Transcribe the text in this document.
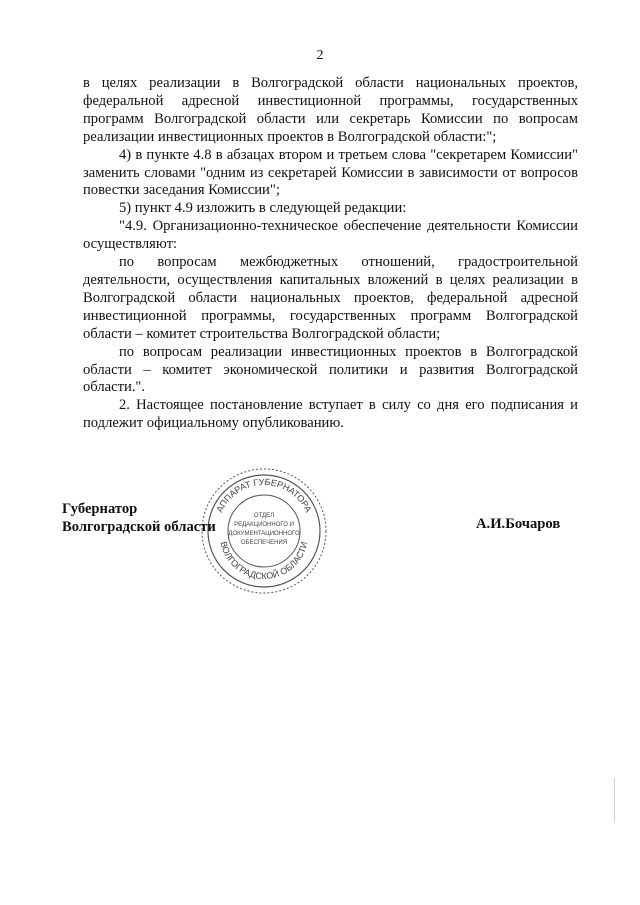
2

в целях реализации в Волгоградской области национальных проектов, федеральной адресной инвестиционной программы, государственных программ Волгоградской области или секретарь Комиссии по вопросам реализации инвестиционных проектов в Волгоградской области:";

4) в пункте 4.8 в абзацах втором и третьем слова "секретарем Комиссии" заменить словами "одним из секретарей Комиссии в зависимости от вопросов повестки заседания Комиссии";

5) пункт 4.9 изложить в следующей редакции:

"4.9. Организационно-техническое обеспечение деятельности Комиссии осуществляют:

по вопросам межбюджетных отношений, градостроительной деятельности, осуществления капитальных вложений в целях реализации в Волгоградской области национальных проектов, федеральной адресной инвестиционной программы, государственных программ Волгоградской области – комитет строительства Волгоградской области;

по вопросам реализации инвестиционных проектов в Волгоградской области – комитет экономической политики и развития Волгоградской области.".

2. Настоящее постановление вступает в силу со дня его подписания и подлежит официальному опубликованию.

АППАРАТ ГУБЕРНАТОРА
ВОЛГОГРАДСКОЙ ОБЛАСТИ
ОТДЕЛ
РЕДАКЦИОННОГО И
ДОКУМЕНТАЦИОННОГО
ОБЕСПЕЧЕНИЯ
Губернатор
Волгоградской области	А.И.Бочаров
